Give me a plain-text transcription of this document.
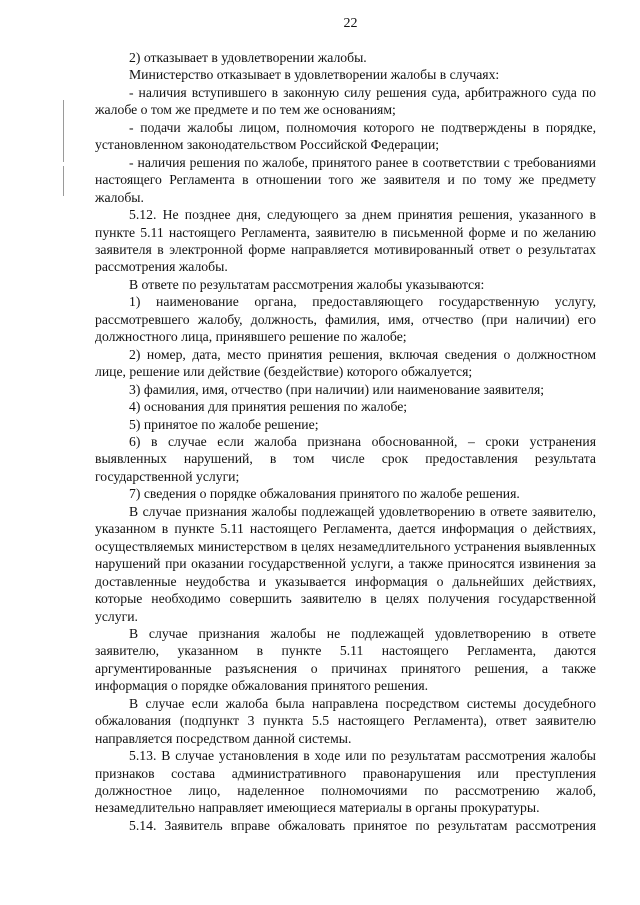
22

2) отказывает в удовлетворении жалобы.

Министерство отказывает в удовлетворении жалобы в случаях:

- наличия вступившего в законную силу решения суда, арбитражного суда по жалобе о том же предмете и по тем же основаниям;

- подачи жалобы лицом, полномочия которого не подтверждены в порядке, установленном законодательством Российской Федерации;

- наличия решения по жалобе, принятого ранее в соответствии с требованиями настоящего Регламента в отношении того же заявителя и по тому же предмету жалобы.

5.12. Не позднее дня, следующего за днем принятия решения, указанного в пункте 5.11 настоящего Регламента, заявителю в письменной форме и по желанию заявителя в электронной форме направляется мотивированный ответ о результатах рассмотрения жалобы.

В ответе по результатам рассмотрения жалобы указываются:

1) наименование органа, предоставляющего государственную услугу, рассмотревшего жалобу, должность, фамилия, имя, отчество (при наличии) его должностного лица, принявшего решение по жалобе;

2) номер, дата, место принятия решения, включая сведения о должностном лице, решение или действие (бездействие) которого обжалуется;

3) фамилия, имя, отчество (при наличии) или наименование заявителя;

4) основания для принятия решения по жалобе;

5) принятое по жалобе решение;

6) в случае если жалоба признана обоснованной, – сроки устранения выявленных нарушений, в том числе срок предоставления результата государственной услуги;

7) сведения о порядке обжалования принятого по жалобе решения.

В случае признания жалобы подлежащей удовлетворению в ответе заявителю, указанном в пункте 5.11 настоящего Регламента, дается информация о действиях, осуществляемых министерством в целях незамедлительного устранения выявленных нарушений при оказании государственной услуги, а также приносятся извинения за доставленные неудобства и указывается информация о дальнейших действиях, которые необходимо совершить заявителю в целях получения государственной услуги.

В случае признания жалобы не подлежащей удовлетворению в ответе заявителю, указанном в пункте 5.11 настоящего Регламента, даются аргументированные разъяснения о причинах принятого решения, а также информация о порядке обжалования принятого решения.

В случае если жалоба была направлена посредством системы досудебного обжалования (подпункт 3 пункта 5.5 настоящего Регламента), ответ заявителю направляется посредством данной системы.

5.13. В случае установления в ходе или по результатам рассмотрения жалобы признаков состава административного правонарушения или преступления должностное лицо, наделенное полномочиями по рассмотрению жалоб, незамедлительно направляет имеющиеся материалы в органы прокуратуры.

5.14. Заявитель вправе обжаловать принятое по результатам рассмотрения
